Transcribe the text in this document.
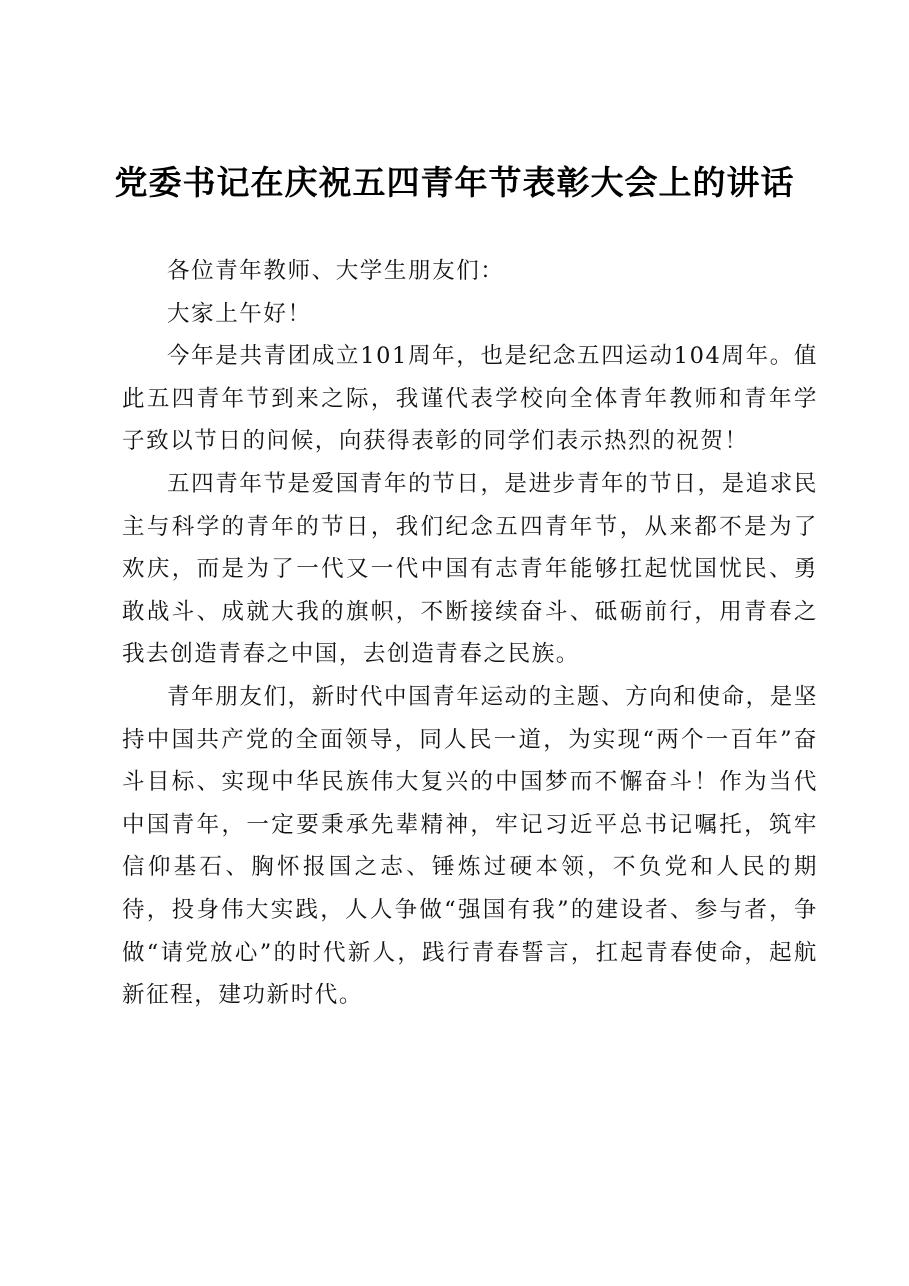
党委书记在庆祝五四青年节表彰大会上的讲话

各位青年教师、大学生朋友们：

大家上午好！

今年是共青团成立101周年，也是纪念五四运动104周年。值此五四青年节到来之际，我谨代表学校向全体青年教师和青年学子致以节日的问候，向获得表彰的同学们表示热烈的祝贺！

五四青年节是爱国青年的节日，是进步青年的节日，是追求民主与科学的青年的节日，我们纪念五四青年节，从来都不是为了欢庆，而是为了一代又一代中国有志青年能够扛起忧国忧民、勇敢战斗、成就大我的旗帜，不断接续奋斗、砥砺前行，用青春之我去创造青春之中国，去创造青春之民族。

青年朋友们，新时代中国青年运动的主题、方向和使命，是坚持中国共产党的全面领导，同人民一道，为实现“两个一百年”奋斗目标、实现中华民族伟大复兴的中国梦而不懈奋斗！作为当代中国青年，一定要秉承先辈精神，牢记习近平总书记嘱托，筑牢信仰基石、胸怀报国之志、锤炼过硬本领，不负党和人民的期待，投身伟大实践，人人争做“强国有我”的建设者、参与者，争做“请党放心”的时代新人，践行青春誓言，扛起青春使命，起航新征程，建功新时代。
